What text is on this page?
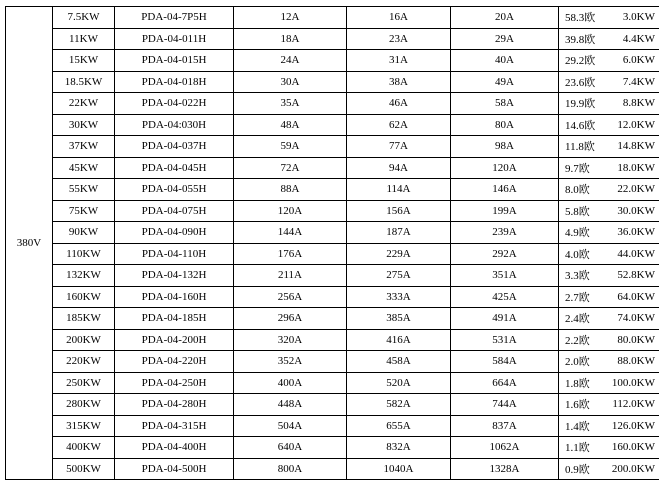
380V	7.5KW	PDA-04-7P5H	12A	16A	20A	58.3欧 3.0KW

	11KW	PDA-04-011H	18A	23A	29A	39.8欧 4.4KW

	15KW	PDA-04-015H	24A	31A	40A	29.2欧 6.0KW

	18.5KW	PDA-04-018H	30A	38A	49A	23.6欧 7.4KW

	22KW	PDA-04-022H	35A	46A	58A	19.9欧 8.8KW

	30KW	PDA-04:030H	48A	62A	80A	14.6欧 12.0KW

	37KW	PDA-04-037H	59A	77A	98A	11.8欧 14.8KW

	45KW	PDA-04-045H	72A	94A	120A	9.7欧 18.0KW

	55KW	PDA-04-055H	88A	114A	146A	8.0欧 22.0KW

	75KW	PDA-04-075H	120A	156A	199A	5.8欧 30.0KW

	90KW	PDA-04-090H	144A	187A	239A	4.9欧 36.0KW

	110KW	PDA-04-110H	176A	229A	292A	4.0欧 44.0KW

	132KW	PDA-04-132H	211A	275A	351A	3.3欧 52.8KW

	160KW	PDA-04-160H	256A	333A	425A	2.7欧 64.0KW

	185KW	PDA-04-185H	296A	385A	491A	2.4欧 74.0KW

	200KW	PDA-04-200H	320A	416A	531A	2.2欧 80.0KW

	220KW	PDA-04-220H	352A	458A	584A	2.0欧 88.0KW

	250KW	PDA-04-250H	400A	520A	664A	1.8欧 100.0KW

	280KW	PDA-04-280H	448A	582A	744A	1.6欧 112.0KW

	315KW	PDA-04-315H	504A	655A	837A	1.4欧 126.0KW

	400KW	PDA-04-400H	640A	832A	1062A	1.1欧 160.0KW

	500KW	PDA-04-500H	800A	1040A	1328A	0.9欧 200.0KW
